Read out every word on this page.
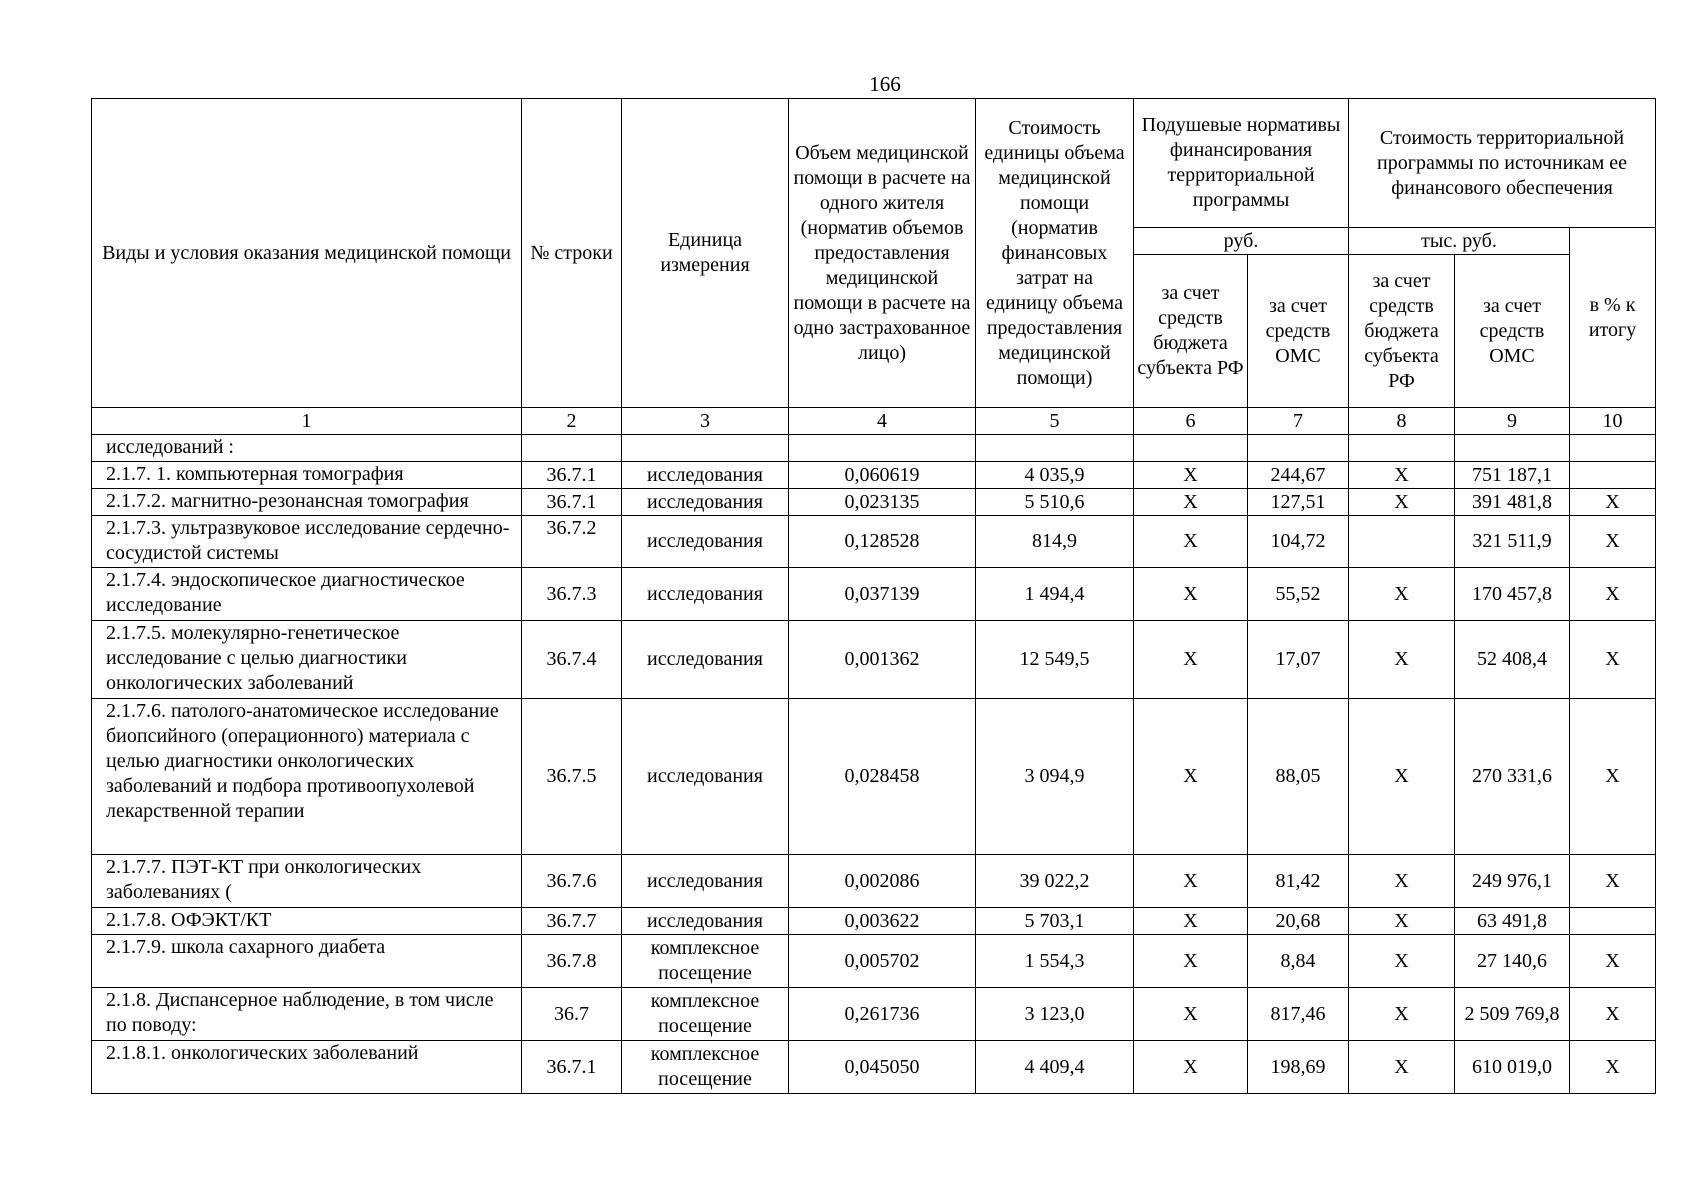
166
Виды и условия оказания медицинской помощи	№ строки	Единица измерения	Объем медицинской помощи в расчете на одного жителя (норматив объемов предоставления медицинской помощи в расчете на одно застрахованное лицо)	Стоимость единицы объема медицинской помощи (норматив финансовых затрат на единицу объема предоставления медицинской помощи)	Подушевые нормативы финансирования территориальной программы		Стоимость территориальной программы по источникам ее финансового обеспечения		
					руб.		тыс. руб.		в % к итогу
					за счет средств бюджета субъекта РФ	за счет средств ОМС	за счет средств бюджета субъекта РФ	за счет средств ОМС	
1	2	3	4	5	6	7	8	9	10
исследований :									
2.1.7. 1. компьютерная томография	36.7.1	исследования	0,060619	4 035,9	Х	244,67	Х	751 187,1	
2.1.7.2. магнитно-резонансная томография	36.7.1	исследования	0,023135	5 510,6	Х	127,51	Х	391 481,8	Х
2.1.7.3. ультразвуковое исследование сердечно-сосудистой системы	36.7.2	исследования	0,128528	814,9	Х	104,72		321 511,9	Х
2.1.7.4. эндоскопическое диагностическое исследование	36.7.3	исследования	0,037139	1 494,4	Х	55,52	Х	170 457,8	Х
2.1.7.5. молекулярно-генетическое исследование с целью диагностики онкологических заболеваний	36.7.4	исследования	0,001362	12 549,5	Х	17,07	Х	52 408,4	Х
2.1.7.6. патолого-анатомическое исследование биопсийного (операционного) материала с целью диагностики онкологических заболеваний и подбора противоопухолевой лекарственной терапии	36.7.5	исследования	0,028458	3 094,9	Х	88,05	Х	270 331,6	Х
2.1.7.7. ПЭТ-КТ при онкологических заболеваниях (	36.7.6	исследования	0,002086	39 022,2	Х	81,42	Х	249 976,1	Х
2.1.7.8. ОФЭКТ/КТ	36.7.7	исследования	0,003622	5 703,1	Х	20,68	Х	63 491,8	
2.1.7.9. школа сахарного диабета	36.7.8	комплексное посещение	0,005702	1 554,3	Х	8,84	Х	27 140,6	Х
2.1.8. Диспансерное наблюдение, в том числе по поводу:	36.7	комплексное посещение	0,261736	3 123,0	Х	817,46	Х	2 509 769,8	Х
2.1.8.1. онкологических заболеваний	36.7.1	комплексное посещение	0,045050	4 409,4	Х	198,69	Х	610 019,0	Х
